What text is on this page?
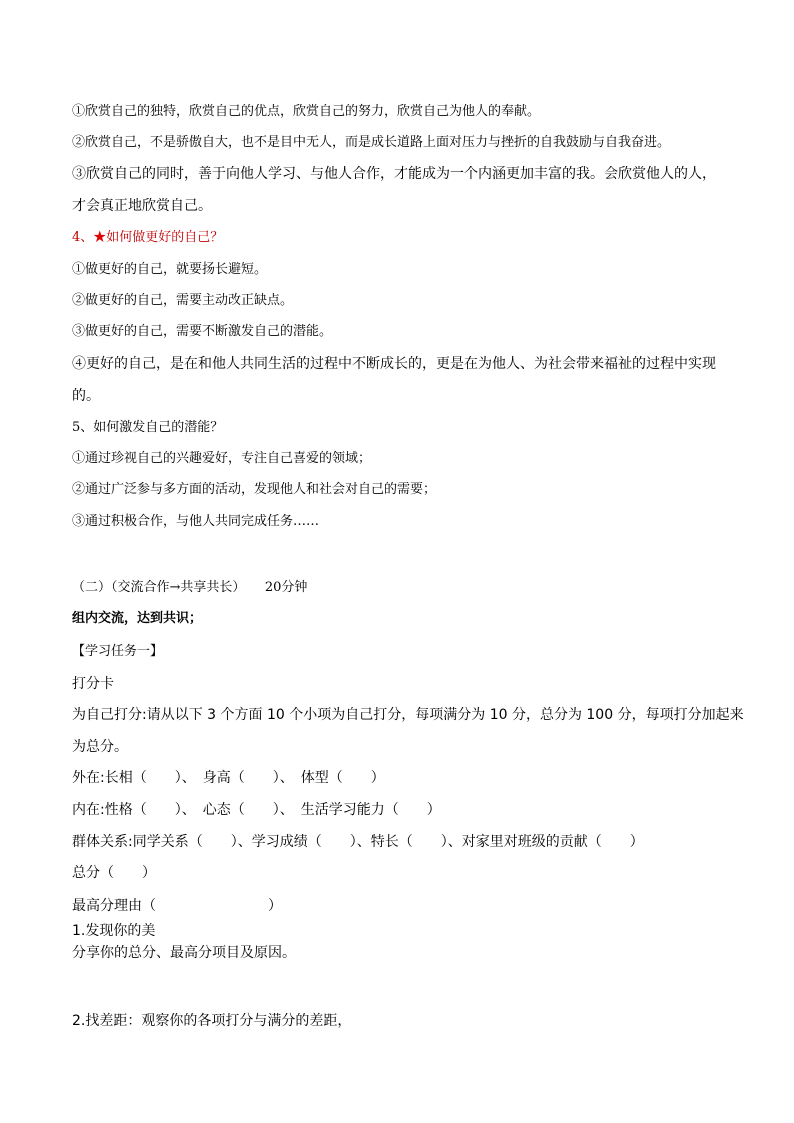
①欣赏自己的独特，欣赏自己的优点，欣赏自己的努力，欣赏自己为他人的奉献。
②欣赏自己，不是骄傲自大，也不是目中无人，而是成长道路上面对压力与挫折的自我鼓励与自我奋进。
③欣赏自己的同时，善于向他人学习、与他人合作，才能成为一个内涵更加丰富的我。会欣赏他人的人，
才会真正地欣赏自己。
4、★如何做更好的自己？
①做更好的自己，就要扬长避短。
②做更好的自己，需要主动改正缺点。
③做更好的自己，需要不断激发自己的潜能。
④更好的自己，是在和他人共同生活的过程中不断成长的，更是在为他人、为社会带来福祉的过程中实现
的。
5、如何激发自己的潜能？
①通过珍视自己的兴趣爱好，专注自己喜爱的领域；
②通过广泛参与多方面的活动，发现他人和社会对自己的需要；
③通过积极合作，与他人共同完成任务……
（二）（交流合作→共享共长）　　20分钟
组内交流，达到共识；
【学习任务一】
打分卡
为自己打分:请从以下 3 个方面 10 个小项为自己打分，每项满分为 10 分，总分为 100 分，每项打分加起来
为总分。
外在:长相（　　）、　身高（　　）、　体型（　　）
内在:性格（　　）、　心态（　　）、　生活学习能力（　　）
群体关系:同学关系（　　）、学习成绩（　　）、特长（　　）、对家里对班级的贡献（　　）
总分（　　）
最高分理由（　　　　　　　　）
1.发现你的美
分享你的总分、最高分项目及原因。
2.找差距：观察你的各项打分与满分的差距，
